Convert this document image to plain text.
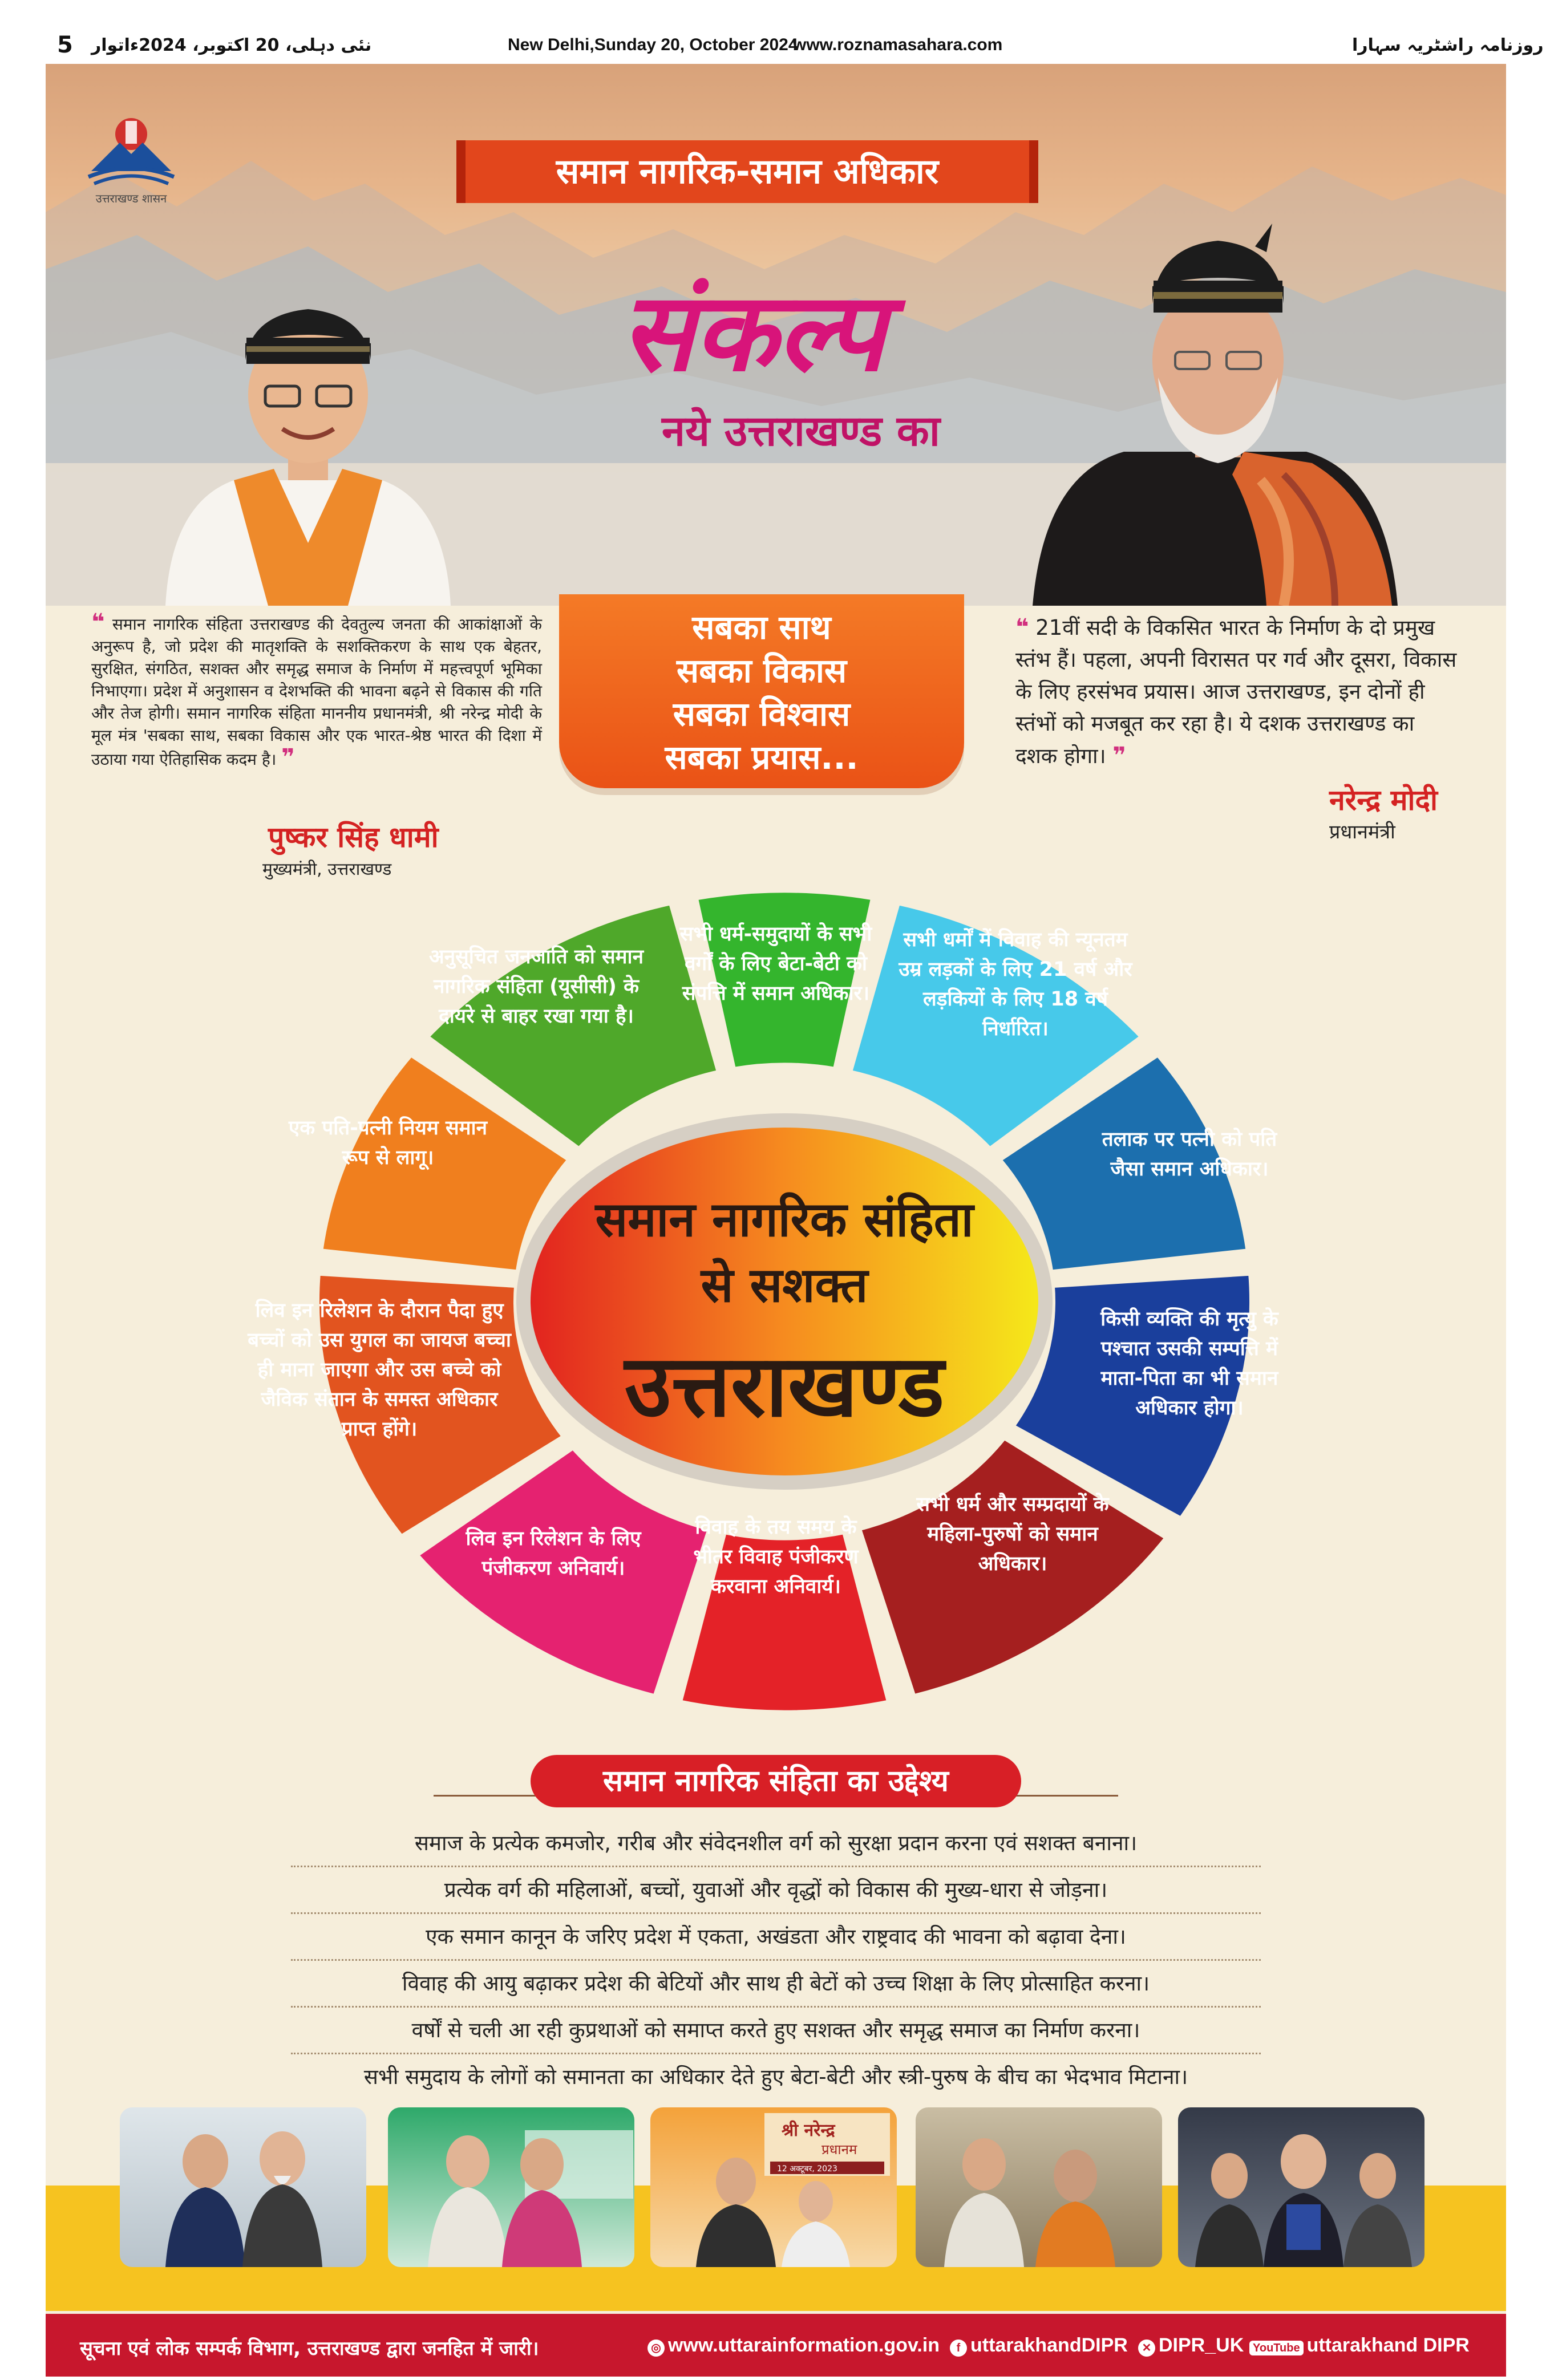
5 نئی دہلی، 20 اکتوبر، 2024ءاتوار	New Delhi,Sunday 20, October 2024
www.roznamasahara.com	روزنامہ راشٹریہ سہارا
उत्तराखण्ड शासन
समान नागरिक-समान अधिकार
संकल्प
नये उत्तराखण्ड का
सबका साथ
सबका विकास
सबका विश्वास
सबका प्रयास...
❝ समान नागरिक संहिता उत्तराखण्ड की देवतुल्य जनता की आकांक्षाओं के अनुरूप है, जो प्रदेश की मातृशक्ति के सशक्तिकरण के साथ एक बेहतर, सुरक्षित, संगठित, सशक्त और समृद्ध समाज के निर्माण में महत्त्वपूर्ण भूमिका निभाएगा। प्रदेश में अनुशासन व देशभक्ति की भावना बढ़ने से विकास की गति और तेज होगी। समान नागरिक संहिता माननीय प्रधानमंत्री, श्री नरेन्द्र मोदी के मूल मंत्र 'सबका साथ, सबका विकास और एक भारत-श्रेष्ठ भारत की दिशा में उठाया गया ऐतिहासिक कदम है। ❞
पुष्कर सिंह धामी
मुख्यमंत्री, उत्तराखण्ड
❝ 21वीं सदी के विकसित भारत के निर्माण के दो प्रमुख स्तंभ हैं। पहला, अपनी विरासत पर गर्व और दूसरा, विकास के लिए हरसंभव प्रयास। आज उत्तराखण्ड, इन दोनों ही स्तंभों को मजबूत कर रहा है। ये दशक उत्तराखण्ड का दशक होगा। ❞
नरेन्द्र मोदी
प्रधानमंत्री
समान नागरिक संहिता
से सशक्त
उत्तराखण्ड
अनुसूचित जनजाति को समान नागरिक संहिता (यूसीसी) के दायरे से बाहर रखा गया है।
सभी धर्म-समुदायों के सभी वर्गों के लिए बेटा-बेटी को संपत्ति में समान अधिकार।
सभी धर्मों में विवाह की न्यूनतम उम्र लड़कों के लिए 21 वर्ष और लड़कियों के लिए 18 वर्ष निर्धारित।
तलाक पर पत्नी को पति जैसा समान अधिकार।
किसी व्यक्ति की मृत्यु के पश्चात उसकी सम्पत्ति में माता-पिता का भी समान अधिकार होगा।
सभी धर्म और सम्प्रदायों के महिला-पुरुषों को समान अधिकार।
विवाह के तय समय के भीतर विवाह पंजीकरण करवाना अनिवार्य।
लिव इन रिलेशन के लिए पंजीकरण अनिवार्य।
लिव इन रिलेशन के दौरान पैदा हुए बच्चों को उस युगल का जायज बच्चा ही माना जाएगा और उस बच्चे को जैविक संतान के समस्त अधिकार प्राप्त होंगे।
एक पति-पत्नी नियम समान रूप से लागू।
समान नागरिक संहिता का उद्देश्य
समाज के प्रत्येक कमजोर, गरीब और संवेदनशील वर्ग को सुरक्षा प्रदान करना एवं सशक्त बनाना।
प्रत्येक वर्ग की महिलाओं, बच्चों, युवाओं और वृद्धों को विकास की मुख्य-धारा से जोड़ना।
एक समान कानून के जरिए प्रदेश में एकता, अखंडता और राष्ट्रवाद की भावना को बढ़ावा देना।
विवाह की आयु बढ़ाकर प्रदेश की बेटियों और साथ ही बेटों को उच्च शिक्षा के लिए प्रोत्साहित करना।
वर्षों से चली आ रही कुप्रथाओं को समाप्त करते हुए सशक्त और समृद्ध समाज का निर्माण करना।
सभी समुदाय के लोगों को समानता का अधिकार देते हुए बेटा-बेटी और स्त्री-पुरुष के बीच का भेदभाव मिटाना।
श्री नरेन्द्र
प्रधानम
12 अक्टूबर, 2023
सूचना एवं लोक सम्पर्क विभाग, उत्तराखण्ड द्वारा जनहित में जारी।	◎ www.uttarainformation.gov.in	f uttarakhandDIPR	✕ DIPR_UK YouTube uttarakhand DIPR
